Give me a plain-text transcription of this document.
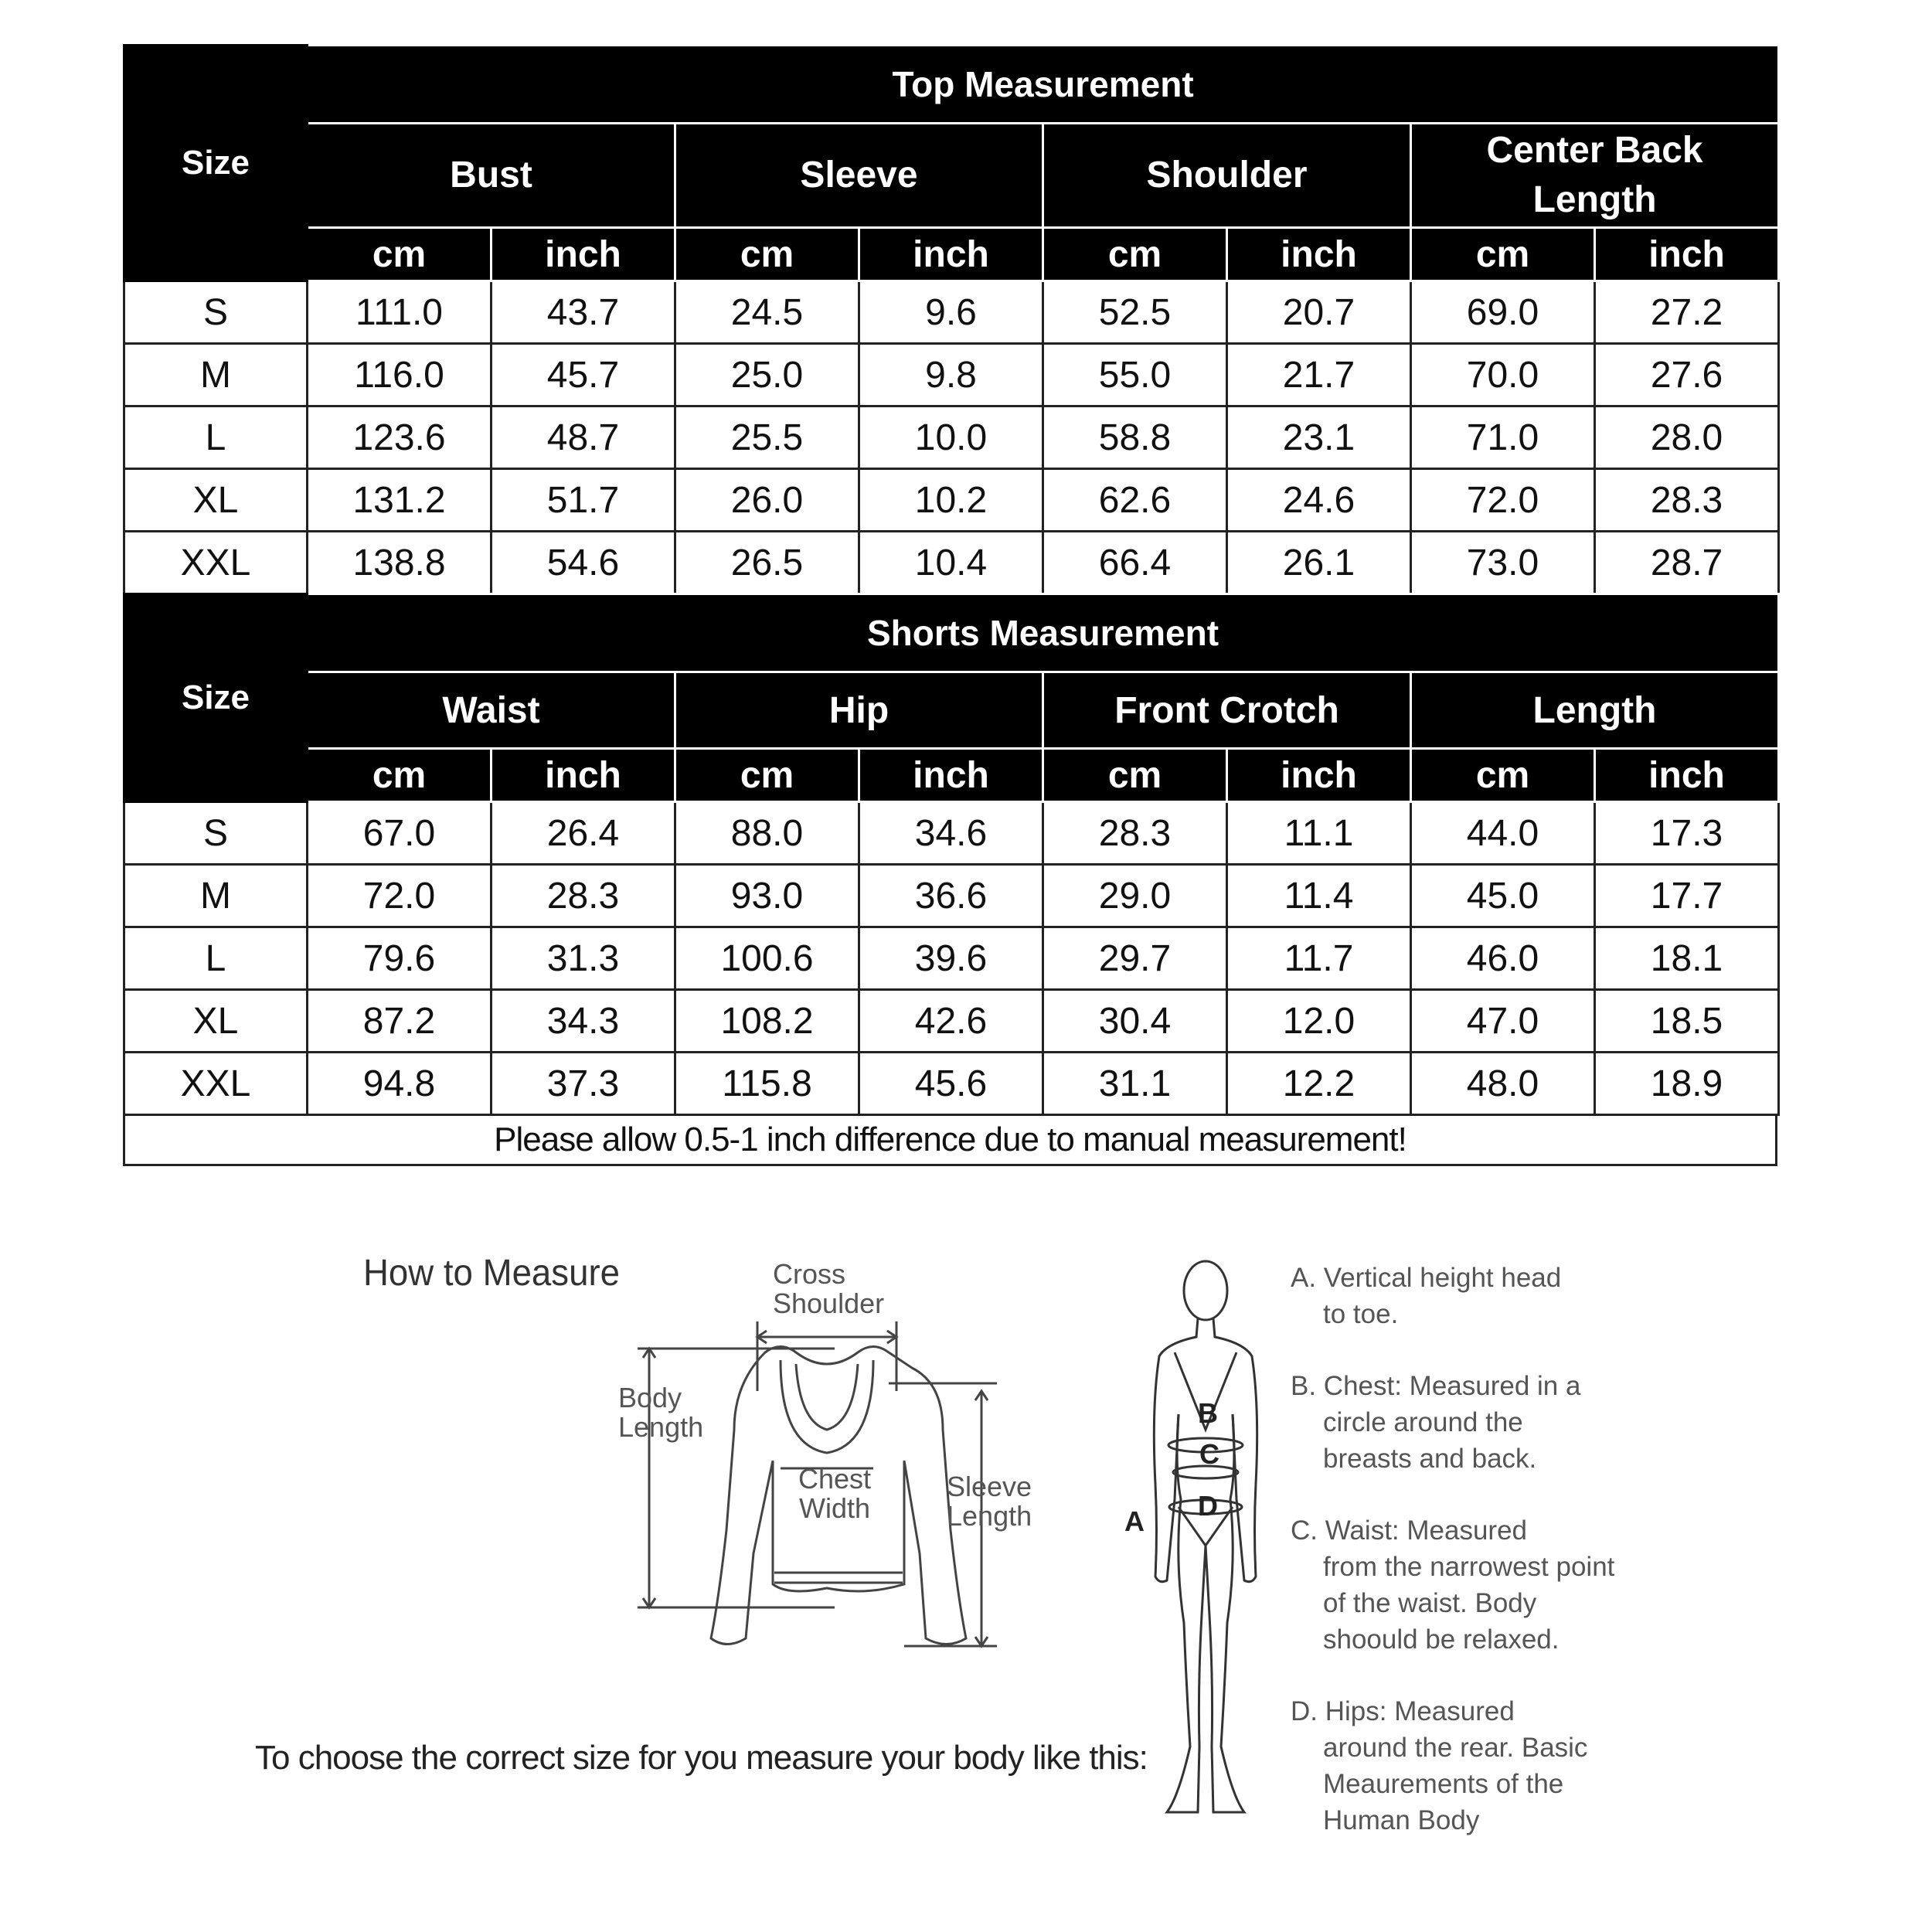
Size	Top Measurement							
	Bust		Sleeve		Shoulder		Center Back Length	
	cm	inch	cm	inch	cm	inch	cm	inch
S	111.0	43.7	24.5	9.6	52.5	20.7	69.0	27.2
M	116.0	45.7	25.0	9.8	55.0	21.7	70.0	27.6
L	123.6	48.7	25.5	10.0	58.8	23.1	71.0	28.0
XL	131.2	51.7	26.0	10.2	62.6	24.6	72.0	28.3
XXL	138.8	54.6	26.5	10.4	66.4	26.1	73.0	28.7
Size	Shorts Measurement							
	Waist		Hip		Front Crotch		Length	
	cm	inch	cm	inch	cm	inch	cm	inch
S	67.0	26.4	88.0	34.6	28.3	11.1	44.0	17.3
M	72.0	28.3	93.0	36.6	29.0	11.4	45.0	17.7
L	79.6	31.3	100.6	39.6	29.7	11.7	46.0	18.1
XL	87.2	34.3	108.2	42.6	30.4	12.0	47.0	18.5
XXL	94.8	37.3	115.8	45.6	31.1	12.2	48.0	18.9
Please allow 0.5-1 inch difference due to manual measurement!
How to Measure	Cross Shoulder
Body Length
Chest Width
Sleeve Length
To choose the correct size for you measure your body like this:
A
B
C
D

A. Vertical height head
to toe.

B. Chest: Measured in a
circle around the breasts and back.

C. Waist: Measured
from the narrowest point of the waist. Body shoould be relaxed.

D. Hips: Measured
around the rear. Basic Meaurements of the Human Body
